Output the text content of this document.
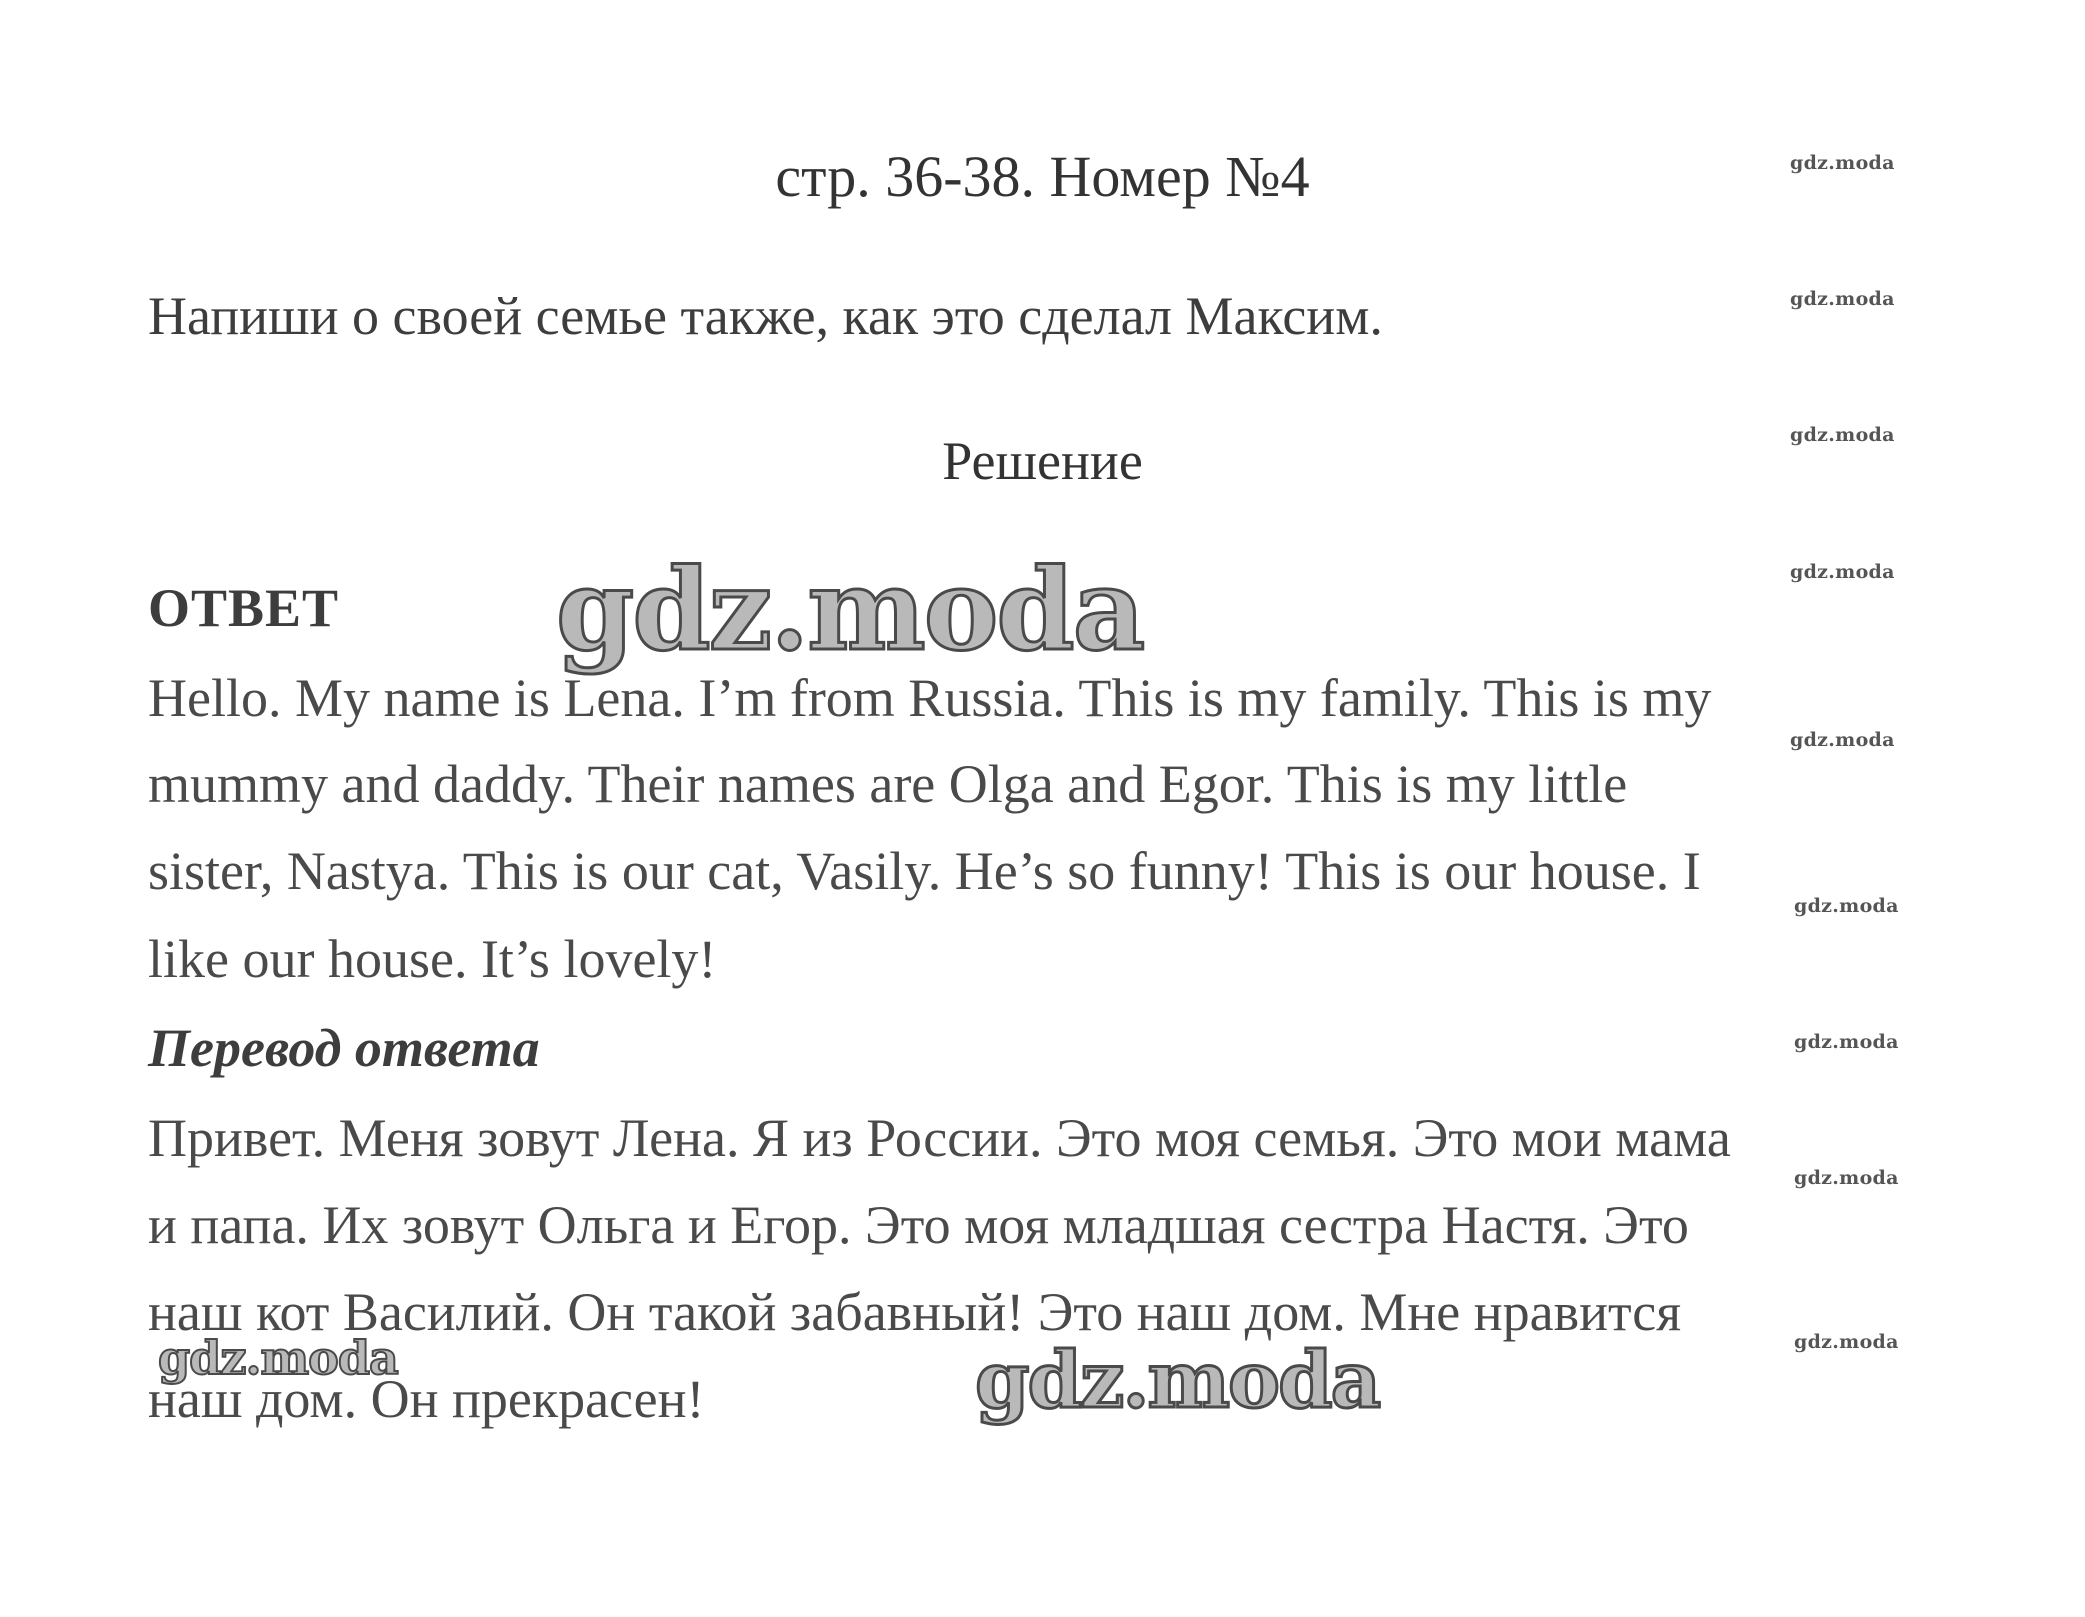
стр. 36-38. Номер №4
Напиши о своей семье также, как это сделал Максим.
Решение
ОТВЕТ
Hello. My name is Lena. I’m from Russia. This is my family. This is my
mummy and daddy. Their names are Olga and Egor. This is my little
sister, Nastya. This is our cat, Vasily. He’s so funny! This is our house. I
like our house. It’s lovely!
Перевод ответа
Привет. Меня зовут Лена. Я из России. Это моя семья. Это мои мама
и папа. Их зовут Ольга и Егор. Это моя младшая сестра Настя. Это
наш кот Василий. Он такой забавный! Это наш дом. Мне нравится
наш дом. Он прекрасен!
gdz.moda
gdz.moda
gdz.moda
gdz.moda
gdz.moda
gdz.moda
gdz.moda
gdz.moda
gdz.moda
gdz.moda
gdz.moda
gdz.moda
